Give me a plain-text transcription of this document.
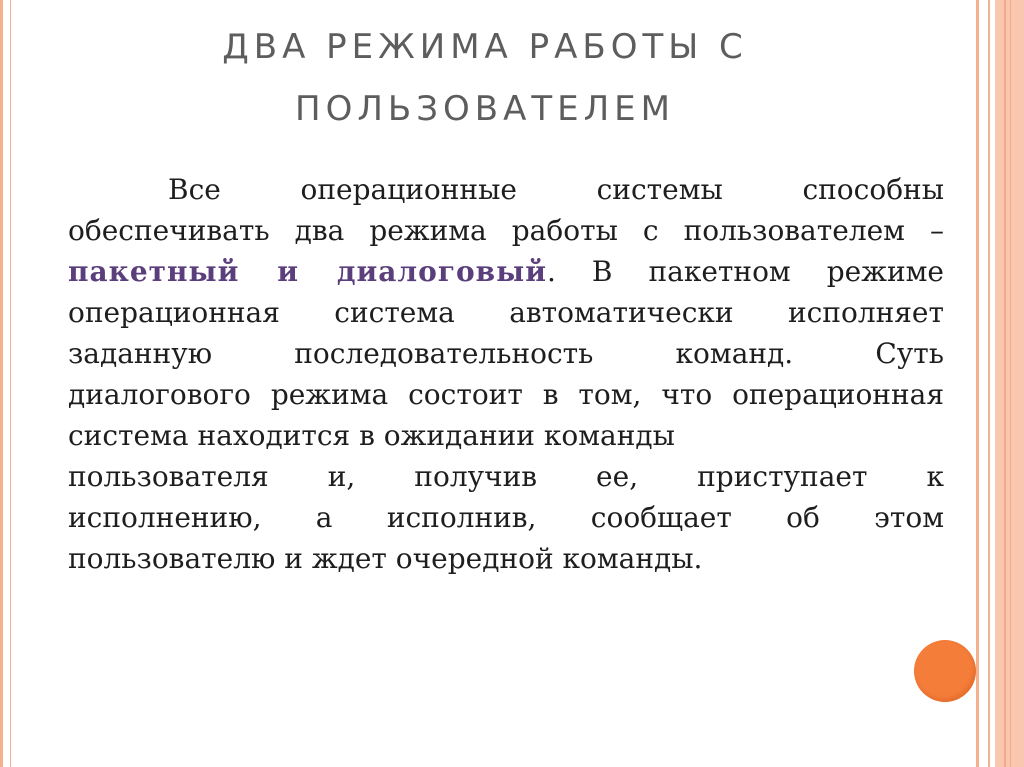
ДВА РЕЖИМА РАБОТЫ С
ПОЛЬЗОВАТЕЛЕМ
Все операционные системы способны
обеспечивать два режима работы с пользователем –
пакетный и диалоговый. В пакетном режиме
операционная система автоматически исполняет
заданную последовательность команд. Суть
диалогового режима состоит в том, что операционная
система находится в ожидании команды
пользователя и, получив ее, приступает к
исполнению, а исполнив, сообщает об этом
пользователю и ждет очередной команды.
